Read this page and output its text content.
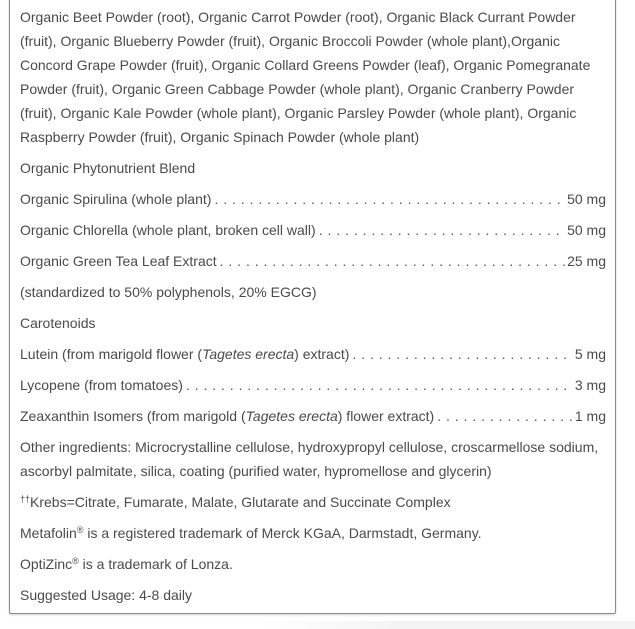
Organic Beet Powder (root), Organic Carrot Powder (root), Organic Black Currant Powder (fruit), Organic Blueberry Powder (fruit), Organic Broccoli Powder (whole plant),Organic Concord Grape Powder (fruit), Organic Collard Greens Powder (leaf), Organic Pomegranate Powder (fruit), Organic Green Cabbage Powder (whole plant), Organic Cranberry Powder (fruit), Organic Kale Powder (whole plant), Organic Parsley Powder (whole plant), Organic Raspberry Powder (fruit), Organic Spinach Powder (whole plant)

Organic Phytonutrient Blend
Organic Spirulina (whole plant) . . .	50 mg
Organic Chlorella (whole plant, broken cell wall) . . .	50 mg
Organic Green Tea Leaf Extract . . .	25 mg
(standardized to 50% polyphenols, 20% EGCG)
Carotenoids
Lutein (from marigold flower (Tagetes erecta) extract) . . .	5 mg
Lycopene (from tomatoes) . . .	3 mg
Zeaxanthin Isomers (from marigold (Tagetes erecta) flower extract) . . .	1 mg

Other ingredients: Microcrystalline cellulose, hydroxypropyl cellulose, croscarmellose sodium, ascorbyl palmitate, silica, coating (purified water, hypromellose and glycerin)

††Krebs=Citrate, Fumarate, Malate, Glutarate and Succinate Complex
Metafolin® is a registered trademark of Merck KGaA, Darmstadt, Germany.
OptiZinc® is a trademark of Lonza.
Suggested Usage: 4-8 daily
